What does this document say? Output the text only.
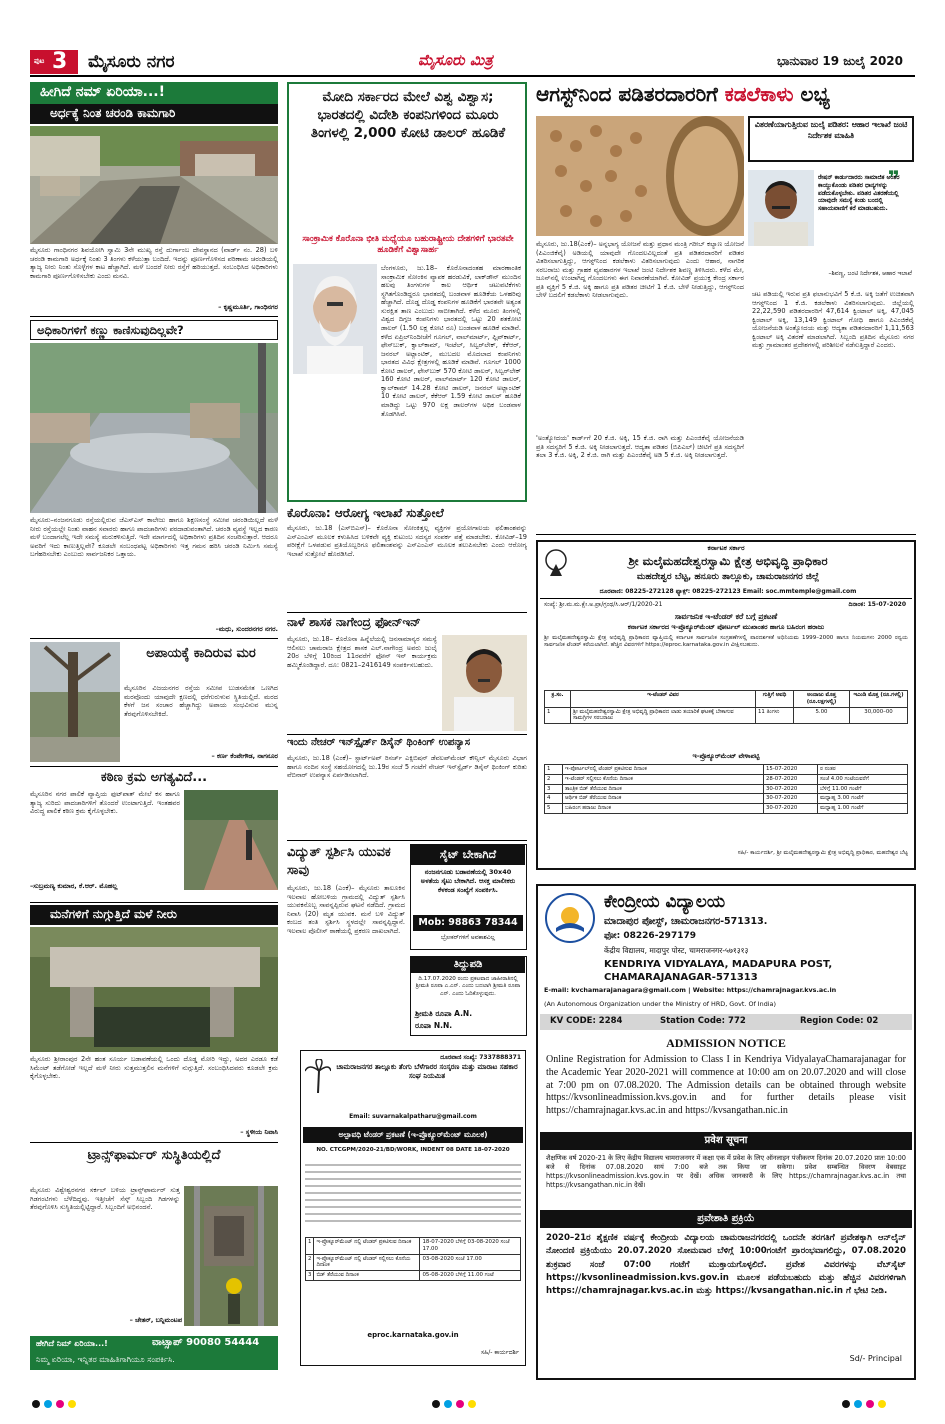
ಪುಟ 3 ಮೈಸೂರು ನಗರ	ಮೈಸೂರು ಮಿತ್ರ	ಭಾನುವಾರ 19 ಜುಲೈ 2020
ಹೀಗಿದೆ ನಮ್ ಏರಿಯಾ...!
ಅರ್ಧಕ್ಕೆ ನಿಂತ ಚರಂಡಿ ಕಾಮಗಾರಿ
ಮೈಸೂರು ಗಾಂಧಿನಗರ ಶಿವಯೋಗಿ ಸ್ವಾಮಿ 3ನೇ ಮುಖ್ಯ ರಸ್ತೆ ದುರ್ಗಾಂಬ ದೇವಸ್ಥಾನದ (ವಾರ್ಡ್ ನಂ. 28) ಬಳಿ ಚರಂಡಿ ಕಾಮಗಾರಿ ಅರ್ಧಕ್ಕೆ ನಿಂತು 3 ತಿಂಗಳು ಕಳೆಯುತ್ತಾ ಬಂದಿದೆ. ಇದನ್ನು ಪೂರ್ಣಗೊಳಿಸದ ಪರಿಣಾಮ ಚರಂಡಿಯಲ್ಲಿ ತ್ಯಾಜ್ಯ ನೀರು ನಿಂತು ಸೊಳ್ಳೆಗಳ ಕಾಟ ಹೆಚ್ಚಾಗಿದೆ. ಮಳೆ ಬಂದರೆ ನೀರು ರಸ್ತೆಗೆ ಹರಿಯುತ್ತದೆ. ಸಂಬಂಧಿಸಿದ ಅಧಿಕಾರಿಗಳು ಕಾಮಗಾರಿ ಪೂರ್ಣಗೊಳಿಸಬೇಕು ಎಂದು ಮನವಿ.
– ಕೃಷ್ಣಮೂರ್ತಿ, ಗಾಂಧಿನಗರ
ಅಧಿಕಾರಿಗಳಿಗೆ ಕಣ್ಣು ಕಾಣಿಸುವುದಿಲ್ಲವೇ?
ಮೈಸೂರು–ನಂಜನಗೂಡು ರಸ್ತೆಯಲ್ಲಿರುವ ಜೆಎಸ್‌ಎಸ್ ಕಾಲೇಜು ಹಾಗೂ ಶಿಕ್ಷಣಸಂಸ್ಥೆ ಸಮೀಪ ಚರಂಡಿಯಿಲ್ಲದೆ ಮಳೆ ನೀರು ರಸ್ತೆಯಲ್ಲೇ ನಿಂತು ವಾಹನ ಸವಾರರು ಹಾಗೂ ಪಾದಚಾರಿಗಳು ಪರದಾಡುವಂತಾಗಿದೆ. ಚರಂಡಿ ವ್ಯವಸ್ಥೆ ಇಲ್ಲದ ಕಾರಣ ಮಳೆ ಬಂದಾಗಲೆಲ್ಲ ಇದೇ ಸಮಸ್ಯೆ ಮರುಕಳಿಸುತ್ತಿದೆ. ಇದೇ ಮಾರ್ಗದಲ್ಲಿ ಅಧಿಕಾರಿಗಳು ಪ್ರತಿದಿನ ಸಂಚರಿಸುತ್ತಾರೆ. ಆದರೂ ಅವರಿಗೆ ಇದು ಕಾಣುತ್ತಿಲ್ಲವೇ? ಕೂಡಲೇ ಸಂಬಂಧಪಟ್ಟ ಅಧಿಕಾರಿಗಳು ಇತ್ತ ಗಮನ ಹರಿಸಿ ಚರಂಡಿ ನಿರ್ಮಿಸಿ ಸಮಸ್ಯೆ ಬಗೆಹರಿಸಬೇಕು ಎಂಬುದು ಸಾರ್ವಜನಿಕರ ಒತ್ತಾಯ.
–ಮಧು, ಸುಂದರನಗರ ನಗರ.
ಅಪಾಯಕ್ಕೆ ಕಾದಿರುವ ಮರ
ಮೈಸೂರಿನ ವಿಜಯನಗರ ರಸ್ತೆಯ ಸಮೀಪ ಬುಡಸಮೇತ ಒಣಗಿದ ಮರವೊಂದು ಯಾವುದೇ ಕ್ಷಣದಲ್ಲಿ ಧರೆಗುರುಳುವ ಸ್ಥಿತಿಯಲ್ಲಿದೆ. ಮರದ ಕೆಳಗೆ ಜನ ಸಂಚಾರ ಹೆಚ್ಚಾಗಿದ್ದು ಅಪಾಯ ಸಂಭವಿಸುವ ಮುನ್ನ ತೆರವುಗೊಳಿಸಬೇಕಿದೆ.
– ಕರ್ಣ ಕೆಂಪೇಗೌಡ, ನಾಗನೂರ
ಕಠಿಣ ಕ್ರಮ ಅಗತ್ಯವಿದೆ...
ಮೈಸೂರಿನ ನಗರ ಪಾಲಿಕೆ ವ್ಯಾಪ್ತಿಯ ಫುಟ್‌ಪಾತ್ ಮೇಲೆ ಕಸ ಹಾಗೂ ತ್ಯಾಜ್ಯ ಸುರಿದು ಪಾದಚಾರಿಗಳಿಗೆ ತೊಂದರೆ ಉಂಟಾಗುತ್ತಿದೆ. ಇಂತಹವರ ವಿರುದ್ಧ ಪಾಲಿಕೆ ಕಠಿಣ ಕ್ರಮ ಕೈಗೊಳ್ಳಬೇಕು.
–ಸುಬ್ರಮಣ್ಯ ಕುಮಾರ, ಕೆ.ಆರ್. ಮೊಹಲ್ಲ
ಮನೆಗಳಿಗೆ ನುಗ್ಗುತ್ತಿದೆ ಮಳೆ ನೀರು
ಮೈಸೂರು ಶ್ರೀರಾಂಪುರ 2ನೇ ಹಂತ ಸೂರ್ಯ ಬಡಾವಣೆಯಲ್ಲಿ ಒಂದು ದೊಡ್ಡ ಮೋರಿ ಇದ್ದು, ಅದರ ಎರಡೂ ಕಡೆ ಸಿಮೆಂಟ್ ತಡೆಗೋಡೆ ಇಲ್ಲದೆ ಮಳೆ ನೀರು ಸುತ್ತಮುತ್ತಲಿನ ಮನೆಗಳಿಗೆ ನುಗ್ಗುತ್ತಿದೆ. ಸಂಬಂಧಿಸಿದವರು ಕೂಡಲೇ ಕ್ರಮ ಕೈಗೊಳ್ಳಬೇಕು.
– ಸ್ಥಳೀಯ ನಿವಾಸಿ
ಟ್ರಾನ್ಸ್‌ಫಾರ್ಮರ್ ಸುಸ್ಥಿತಿಯಲ್ಲಿದೆ
ಮೈಸೂರು ವಿಶ್ವೇಶ್ವರನಗರ ಸರ್ಕಲ್ ಬಳಿಯ ಟ್ರಾನ್ಸ್‌ಫಾರ್ಮರ್ ಸುತ್ತ ಗಿಡಗಂಟಿಗಳು ಬೆಳೆದಿದ್ದವು. ಇತ್ತೀಚೆಗೆ ಸೆಸ್ಕ್ ಸಿಬ್ಬಂದಿ ಗಿಡಗಳನ್ನು ತೆರವುಗೊಳಿಸಿ ಸುಸ್ಥಿತಿಯಲ್ಲಿಟ್ಟಿದ್ದಾರೆ. ಸಿಬ್ಬಂದಿಗೆ ಅಭಿನಂದನೆ.
– ಚೇತನ್, ಬನ್ನಿಮಂಟಪ
ಹೇಗಿದೆ ನಿಮ್ ಏರಿಯಾ...!	ವಾಟ್ಸಾಪ್ 90080 54444
ನಿಮ್ಮ ಏರಿಯಾ, ಇನ್ನಿತರ ಮಾಹಿತಿಗಾಗಿಯೂ ಸಂಪರ್ಕಿಸಿ.
ಮೋದಿ ಸರ್ಕಾರದ ಮೇಲೆ ವಿಶ್ವ ವಿಶ್ವಾಸ; ಭಾರತದಲ್ಲಿ ವಿದೇಶಿ ಕಂಪನಿಗಳಿಂದ ಮೂರು ತಿಂಗಳಲ್ಲಿ 2,000 ಕೋಟಿ ಡಾಲರ್ ಹೂಡಿಕೆ
ಸಾಂಕ್ರಾಮಿಕ ಕೊರೊನಾ ಭೀತಿ ಮಧ್ಯೆಯೂ ಬಹುರಾಷ್ಟ್ರೀಯ ದೇಶಗಳಿಗೆ ಭಾರತವೇ ಹೂಡಿಕೆಗೆ ವಿಶ್ವಾಸಾರ್ಹ
ಬೆಂಗಳೂರು, ಜು.18– ಕೊರೊನಾದಂತಹ ಮಾರಣಾಂತಿಕ ಸಾಂಕ್ರಾಮಿಕ ಸೋಂಕಿನ ವ್ಯಾಪಕ ಹರಡುವಿಕೆ, ಲಾಕ್‌ಡೌನ್ ಮುಂದಿನ ಹಲವು ತಿಂಗಳುಗಳ ಕಾಲ ಆರ್ಥಿಕ ಚಟುವಟಿಕೆಗಳು ಸ್ಥಗಿತಗೊಂಡಿದ್ದರೂ ಭಾರತದಲ್ಲಿ ಬಂಡವಾಳ ಹೂಡಿಕೆಯ ಒಳಹರಿವು ಹೆಚ್ಚಾಗಿದೆ. ದೊಡ್ಡ ದೊಡ್ಡ ಕಂಪನಿಗಳ ಹೂಡಿಕೆಗೆ ಭಾರತವೇ ಅತ್ಯಂತ ಸುರಕ್ಷಿತ ತಾಣ ಎಂಬುದು ಸಾಬೀತಾಗಿದೆ. ಕಳೆದ ಮೂರು ತಿಂಗಳಲ್ಲಿ ವಿಶ್ವದ ದಿಗ್ಗಜ ಕಂಪನಿಗಳು ಭಾರತದಲ್ಲಿ ಒಟ್ಟು 20 ಶತಕೋಟಿ ಡಾಲರ್ (1.50 ಲಕ್ಷ ಕೋಟಿ ರೂ) ಬಂಡವಾಳ ಹೂಡಿಕೆ ಮಾಡಿವೆ. ಕಳೆದ ಏಪ್ರಿಲ್‌ನಿಂದೀಚೆಗೆ ಗೂಗಲ್, ವಾಲ್‌ಮಾರ್ಟ್, ಫ್ಲಿಪ್‌ಕಾರ್ಟ್, ಫೇಸ್‌ಬುಕ್, ಕ್ವಾಲ್‌ಕಾಮ್, ಇಂಟೆಲ್, ಸಿಲ್ವರ್‌ಲೇಕ್, ಕೆಕೆಆರ್, ಜನರಲ್ ಅಟ್ಲಾಂಟಿಕ್, ಮುಬದಲ ಮೊದಲಾದ ಕಂಪನಿಗಳು ಭಾರತದ ವಿವಿಧ ಕ್ಷೇತ್ರಗಳಲ್ಲಿ ಹೂಡಿಕೆ ಮಾಡಿವೆ. ಗೂಗಲ್ 1000 ಕೋಟಿ ಡಾಲರ್, ಫೇಸ್‌ಬುಕ್ 570 ಕೋಟಿ ಡಾಲರ್, ಸಿಲ್ವರ್‌ಲೇಕ್ 160 ಕೋಟಿ ಡಾಲರ್, ವಾಲ್‌ಮಾರ್ಟ್ 120 ಕೋಟಿ ಡಾಲರ್, ಕ್ವಾಲ್‌ಕಾಮ್ 14.28 ಕೋಟಿ ಡಾಲರ್, ಜನರಲ್ ಅಟ್ಲಾಂಟಿಕ್ 10 ಕೋಟಿ ಡಾಲರ್, ಕೆಕೆಆರ್ 1.59 ಕೋಟಿ ಡಾಲರ್ ಹೂಡಿಕೆ ಮಾಡಿದ್ದು ಒಟ್ಟು 970 ಲಕ್ಷ ಡಾಲರ್‌ಗಳ ಅಧಿಕ ಬಂಡವಾಳ ತೊಡಗಿಸಿವೆ.
ಕೊರೊನಾ: ಆರೋಗ್ಯ ಇಲಾಖೆ ಸುತ್ತೋಲೆ
ಮೈಸೂರು, ಜು.18 (ಎಸ್‌ಬಿಎಸ್)– ಕೊರೊನಾ ಸೋಂಕಿತ್ತಲ್ಲ ವ್ಯಕ್ತಿಗಳ ಪ್ರಯೋಗಾಲಯ ಫಲಿತಾಂಶವನ್ನು ಎಸ್‌ಎಂಎಸ್ ಮೂಲಕ ಕಳುಹಿಸಿದ ಬಳಿಕವೇ ವ್ಯಕ್ತಿ ಕುಟುಂಬ ಸದಸ್ಯರ ಸಂಪರ್ಕ ಪತ್ತೆ ಮಾಡಬೇಕು. ಕೋವಿಡ್–19 ಪರೀಕ್ಷೆಗೆ ಒಳಪಡುವ ಪ್ರತಿಯೊಬ್ಬರಿಗೂ ಫಲಿತಾಂಶವನ್ನು ಎಸ್‌ಎಂಎಸ್ ಮೂಲಕ ತಲುಪಿಸಬೇಕು ಎಂದು ಆರೋಗ್ಯ ಇಲಾಖೆ ಸುತ್ತೋಲೆ ಹೊರಡಿಸಿದೆ.
ನಾಳೆ ಶಾಸಕ ನಾಗೇಂದ್ರ ಫೋನ್‌ಇನ್
ಮೈಸೂರು, ಜು.18– ಕೊರೊನಾ ಹಿನ್ನೆಲೆಯಲ್ಲಿ ಜನಸಾಮಾನ್ಯರ ಸಮಸ್ಯೆ ಆಲಿಸಲು ಚಾಮರಾಜ ಕ್ಷೇತ್ರದ ಶಾಸಕ ಎಲ್.ನಾಗೇಂದ್ರ ಅವರು ಜುಲೈ 20ರ ಬೆಳಿಗ್ಗೆ 10ರಿಂದ 11ರವರೆಗೆ ಫೋನ್ ಇನ್ ಕಾರ್ಯಕ್ರಮ ಹಮ್ಮಿಕೊಂಡಿದ್ದಾರೆ. ದೂ: 0821–2416149 ಸಂಪರ್ಕಿಸಬಹುದು.
ಇಂದು ನೇಚರ್ ಇನ್‌ಸ್ಪೈರ್ಡ್ ಡಿಸೈನ್ ಥಿಂಕಿಂಗ್ ಉಪನ್ಯಾಸ
ಮೈಸೂರು, ಜು.18 (ಎಂಕೆ)– ಸ್ಟಾರ್ಟ್‌ಅಪ್ ರಿಸರ್ಚ್ ಎಕ್ಸಿಬಿಷನ್ ಡೆವಲಪ್‌ಮೆಂಟ್ ಕೌನ್ಸಿಲ್ ಮೈಸೂರು ವಿಭಾಗ ಹಾಗೂ ನಂದಿನ ಸಂಸ್ಥೆ ಸಹಯೋಗದಲ್ಲಿ ಜು.19ರ ಸಂಜೆ 5 ಗಂಟೆಗೆ ನೇಚರ್ ಇನ್‌ಸ್ಪೈರ್ಡ್ ಡಿಸೈನ್ ಥಿಂಕಿಂಗ್ ಕುರಿತು ವೆಬಿನಾರ್ ಉಪನ್ಯಾಸ ಏರ್ಪಡಿಸಲಾಗಿದೆ.
ವಿದ್ಯುತ್ ಸ್ಪರ್ಶಿಸಿ ಯುವಕ ಸಾವು
ಮೈಸೂರು, ಜು.18 (ಎಂಕೆ)– ಮೈಸೂರು ತಾಲೂಕಿನ ಇಲವಾಲ ಹೋಬಳಿಯ ಗ್ರಾಮದಲ್ಲಿ ವಿದ್ಯುತ್ ಸ್ಪರ್ಶಿಸಿ ಯುವಕನೊಬ್ಬ ಸಾವನ್ನಪ್ಪಿರುವ ಘಟನೆ ನಡೆದಿದೆ. ಗ್ರಾಮದ ನಿವಾಸಿ (20) ಮೃತ ಯುವಕ. ಮನೆ ಬಳಿ ವಿದ್ಯುತ್ ಕಂಬದ ತಂತಿ ಸ್ಪರ್ಶಿಸಿ ಸ್ಥಳದಲ್ಲೇ ಸಾವನ್ನಪ್ಪಿದ್ದಾನೆ. ಇಲವಾಲ ಪೊಲೀಸ್ ಠಾಣೆಯಲ್ಲಿ ಪ್ರಕರಣ ದಾಖಲಾಗಿದೆ.
ಸೈಟ್ ಬೇಕಾಗಿದೆ
ನಂಜನಗೂಡು ಬಡಾವಣೆಯಲ್ಲಿ 30x40 ಅಳತೆಯ ಸೈಟು ಬೇಕಾಗಿದೆ. ಆಸಕ್ತ ಮಾಲೀಕರು ಕೆಳಕಂಡ ಸಂಖ್ಯೆಗೆ ಸಂಪರ್ಕಿಸಿ.
Mob: 98863 78344
ಬ್ರೋಕರ್‌ಗಳಿಗೆ ಅವಕಾಶವಿಲ್ಲ
ತಿದ್ದುಪಡಿ
ದಿ.17.07.2020 ರಂದು ಪ್ರಕಟವಾದ ಜಾಹೀರಾತಿನಲ್ಲಿ ಶ್ರೀಮತಿ ರೂಪಾ ಎ.ಎನ್. ಎಂದು ಬದಲಾಗಿ ಶ್ರೀಮತಿ ರೂಪಾ ಎನ್. ಎಂದು ಓದಿಕೊಳ್ಳುವುದು.
ಶ್ರೀಮತಿ ರೂಪಾ A.N.
ರೂಪಾ N.N.
ದೂರವಾಣಿ ಸಂಖ್ಯೆ: 7337888371
ಚಾಮರಾಜನಗರ ತಾಲ್ಲೂಕು ತೆಂಗು ಬೆಳೆಗಾರರ ಸಂಸ್ಕರಣ ಮತ್ತು ಮಾರಾಟ ಸಹಕಾರ ಸಂಘ ನಿಯಮಿತ
Email: suvarnakalpatharu@gmail.com
ಅಲ್ಪಾವಧಿ ಟೆಂಡರ್ ಪ್ರಕಟಣೆ (ಇ-ಪ್ರೊಕ್ಯೂರ್‌ಮೆಂಟ್ ಮೂಲಕ)
NO. CTCGPM/2020-21/BD/WORK, INDENT 08 DATE 18-07-2020
1	ಇ-ಪ್ರೊಕ್ಯೂರ್‌ಮೆಂಟ್ ನಲ್ಲಿ ಟೆಂಡರ್ ಪ್ರಕಟಿಸುವ ದಿನಾಂಕ	18-07-2020 ಬೆಳಿಗ್ಗೆ 03-08-2020 ಸಂಜೆ 17.00
2	ಇ-ಪ್ರೊಕ್ಯೂರ್‌ಮೆಂಟ್ ನಲ್ಲಿ ಟೆಂಡರ್ ಸಲ್ಲಿಸಲು ಕೊನೆಯ ದಿನಾಂಕ	03-08-2020 ಸಂಜೆ 17.00
3	ಬಿಡ್ ತೆರೆಯುವ ದಿನಾಂಕ	05-08-2020 ಬೆಳಿಗ್ಗೆ 11.00 ಗಂಟೆ
eproc.karnataka.gov.in
ಸಹಿ/- ಕಾರ್ಯದರ್ಶಿ
ಆಗಸ್ಟ್‌ನಿಂದ ಪಡಿತರದಾರರಿಗೆ ಕಡಲೆಕಾಳು ಲಭ್ಯ
ವಿತರಣೆಯಾಗುತ್ತಿರುವ ಜುಲೈ ಪಡಿತರ: ಆಹಾರ ಇಲಾಖೆ ಜಂಟಿ ನಿರ್ದೇಶಕ ಮಾಹಿತಿ
❞
ರೇಷನ್ ಕಾರ್ಡುದಾರರು ಸಾಮಾಜಿಕ ಅಂತರ ಕಾಯ್ದುಕೊಂಡು ಪಡಿತರ ಧಾನ್ಯಗಳನ್ನು ಪಡೆದುಕೊಳ್ಳಬೇಕು. ಪಡಿತರ ವಿತರಣೆಯಲ್ಲಿ ಯಾವುದೇ ಸಮಸ್ಯೆ ಕಂಡು ಬಂದಲ್ಲಿ ಸಹಾಯವಾಣಿಗೆ ಕರೆ ಮಾಡಬಹುದು.
–ಶಿವಣ್ಣ, ಜಂಟಿ ನಿರ್ದೇಶಕ, ಆಹಾರ ಇಲಾಖೆ
ಮೈಸೂರು, ಜು.18(ಎಂಕೆ)– ಅನ್ನಭಾಗ್ಯ ಯೋಜನೆ ಮತ್ತು ಪ್ರಧಾನ ಮಂತ್ರಿ ಗರೀಬ್ ಕಲ್ಯಾಣ ಯೋಜನೆ (ಪಿಎಂಜಿಕೆವೈ) ಅಡಿಯಲ್ಲಿ ಯಾವುದೇ ಗೊಂದಲವಿಲ್ಲದಂತೆ ಪ್ರತಿ ಪಡಿತರದಾರರಿಗೆ ಪಡಿತರ ವಿತರಿಸಲಾಗುತ್ತಿದ್ದು, ಆಗಸ್ಟ್‌ನಿಂದ ಕಡಲೆಕಾಳು ವಿತರಿಸಲಾಗುವುದು ಎಂದು ಆಹಾರ, ನಾಗರಿಕ ಸರಬರಾಜು ಮತ್ತು ಗ್ರಾಹಕ ವ್ಯವಹಾರಗಳ ಇಲಾಖೆ ಜಂಟಿ ನಿರ್ದೇಶಕ ಶಿವಣ್ಣ ತಿಳಿಸಿದರು. ಕಳೆದ ಮೇ, ಜೂನ್‌ನಲ್ಲಿ ಉಂಟಾಗಿದ್ದ ಗೊಂದಲಗಳು ಈಗ ನಿವಾರಣೆಯಾಗಿವೆ. ಕೋವಿಡ್ ಪ್ರಯುಕ್ತ ಕೇಂದ್ರ ಸರ್ಕಾರ ಪ್ರತಿ ವ್ಯಕ್ತಿಗೆ 5 ಕೆ.ಜಿ. ಅಕ್ಕಿ ಹಾಗೂ ಪ್ರತಿ ಪಡಿತರ ಚೀಟಿಗೆ 1 ಕೆ.ಜಿ. ಬೇಳೆ ನೀಡುತ್ತಿದ್ದು, ಆಗಸ್ಟ್‌ನಿಂದ ಬೇಳೆ ಬದಲಿಗೆ ಕಡಲೆಕಾಳು ನೀಡಲಾಗುವುದು.
'ಅಂತ್ಯೋದಯ' ಕಾರ್ಡ್‌ಗೆ 20 ಕೆ.ಜಿ. ಅಕ್ಕಿ, 15 ಕೆ.ಜಿ. ರಾಗಿ ಮತ್ತು ಪಿಎಂಜಿಕೆವೈ ಯೋಜನೆಯಡಿ ಪ್ರತಿ ಸದಸ್ಯರಿಗೆ 5 ಕೆ.ಜಿ. ಅಕ್ಕಿ ನೀಡಲಾಗುತ್ತದೆ. ಆದ್ಯತಾ ಪಡಿತರ (ಬಿಪಿಎಲ್) ಚೀಟಿಗೆ ಪ್ರತಿ ಸದಸ್ಯರಿಗೆ ತಲಾ 3 ಕೆ.ಜಿ. ಅಕ್ಕಿ, 2 ಕೆ.ಜಿ. ರಾಗಿ ಮತ್ತು ಪಿಎಂಜಿಕೆವೈ ಅಡಿ 5 ಕೆ.ಜಿ. ಅಕ್ಕಿ ನೀಡಲಾಗುತ್ತದೆ.
ಚಟ ಪಡಿಯಲ್ಲಿ ಇರುವ ಪ್ರತಿ ಫಲಾನುಭವಿಗೆ 5 ಕೆ.ಜಿ. ಅಕ್ಕಿ ಜತೆಗೆ ಉಚಿತವಾಗಿ ಆಗಸ್ಟ್‌ನಿಂದ 1 ಕೆ.ಜಿ. ಕಡಲೆಕಾಳು ವಿತರಿಸಲಾಗುವುದು. ಜಿಲ್ಲೆಯಲ್ಲಿ 22,22,590 ಪಡಿತರದಾರರಿಗೆ 47,614 ಕ್ವಿಂಟಾಲ್ ಅಕ್ಕಿ, 47,045 ಕ್ವಿಂಟಾಲ್ ಅಕ್ಕಿ, 13,149 ಕ್ವಿಂಟಾಲ್ ಗೋಧಿ ಹಾಗೂ ಪಿಎಂಜಿಕೆವೈ ಯೋಜನೆಯಡಿ ಅಂತ್ಯೋದಯ ಮತ್ತು ಆದ್ಯತಾ ಪಡಿತರದಾರರಿಗೆ 1,11,563 ಕ್ವಿಂಟಾಲ್ ಅಕ್ಕಿ ವಿತರಣೆ ಮಾಡಲಾಗಿದೆ. ಸಿಬ್ಬಂದಿ ಪ್ರತಿದಿನ ಮೈಸೂರು ನಗರ ಮತ್ತು ಗ್ರಾಮಾಂತರ ಪ್ರದೇಶಗಳಲ್ಲಿ ಪರಿಶೀಲನೆ ನಡೆಸುತ್ತಿದ್ದಾರೆ ಎಂದರು.
ಕರ್ನಾಟಕ ಸರ್ಕಾರ
ಶ್ರೀ ಮಲೈಮಹದೇಶ್ವರಸ್ವಾಮಿ ಕ್ಷೇತ್ರ ಅಭಿವೃದ್ಧಿ ಪ್ರಾಧಿಕಾರ
ಮಹದೇಶ್ವರ ಬೆಟ್ಟ, ಹನೂರು ತಾಲ್ಲೂಕು, ಚಾಮರಾಜನಗರ ಜಿಲ್ಲೆ
ದೂರವಾಣಿ: 08225-272128 ಫ್ಯಾಕ್ಸ್: 08225-272123 Email: soc.mmtemple@gmail.com
ಸಂಖ್ಯೆ: ಶ್ರೀ.ಮ.ಮ.ಕ್ಷೇ.ಅ.ಪ್ರಾ/ಗ್ರಂಥ/ಸಿ.ಆರ್/1/2020-21	ದಿನಾಂಕ: 15-07-2020
ಸಾರ್ವಜನಿಕ ಇ-ಟೆಂಡರ್ ಕರೆ ಬಗ್ಗೆ ಪ್ರಕಟಣೆ
ಕರ್ನಾಟಕ ಸರ್ಕಾರದ ಇ-ಪ್ರೊಕ್ಯೂರ್‌ಮೆಂಟ್ ಪೋರ್ಟಲ್ ಮುಖಾಂತರ ಹಾಗೂ ಬಹಿರಂಗ ಹರಾಜು
ಶ್ರೀ ಮಲೈಮಹದೇಶ್ವರಸ್ವಾಮಿ ಕ್ಷೇತ್ರ ಅಭಿವೃದ್ಧಿ ಪ್ರಾಧಿಕಾರದ ವ್ಯಾಪ್ತಿಯಲ್ಲಿ ಕರ್ನಾಟಕ ಸಾರ್ವಜನಿಕ ಸಂಗ್ರಹಣೆಗಳಲ್ಲಿ ಪಾರದರ್ಶಕತೆ ಅಧಿನಿಯಮ 1999–2000 ಹಾಗೂ ನಿಯಮಗಳು 2000 ರನ್ವಯ ಸಾರ್ವಜನಿಕ ಟೆಂಡರ್ ಕರೆಯಲಾಗಿದೆ. ಹೆಚ್ಚಿನ ವಿವರಗಳಿಗೆ https://eproc.karnataka.gov.in ವೀಕ್ಷಿಸಬಹುದು.
ಕ್ರ.ಸಂ.	ಇ-ಟೆಂಡರ್ ವಿವರ	ಗುತ್ತಿಗೆ ಅವಧಿ	ಅಂದಾಜು ಮೊತ್ತ (ರೂ.ಲಕ್ಷಗಳಲ್ಲಿ)	ಇಎಂಡಿ ಮೊತ್ತ (ರೂ.ಗಳಲ್ಲಿ)
1	ಶ್ರೀ ಮಲೈಮಹದೇಶ್ವರಸ್ವಾಮಿ ಕ್ಷೇತ್ರ ಅಭಿವೃದ್ಧಿ ಪ್ರಾಧಿಕಾರದ ಲಾಡು ತಯಾರಿಕೆ ಘಟಕಕ್ಕೆ ಬೇಕಾಗುವ ಸಾಮಗ್ರಿಗಳ ಸರಬರಾಜು	11 ತಿಂಗಳು	5.00	30,000–00
ಇ-ಪ್ರೊಕ್ಯೂರ್‌ಮೆಂಟ್ ವೇಳಾಪಟ್ಟಿ
1	ಇ-ಪೋರ್ಟಲ್‌ನಲ್ಲಿ ಟೆಂಡರ್ ಪ್ರಕಟಿಸುವ ದಿನಾಂಕ	15-07-2020	ರ ನಂತರ
2	ಇ-ಟೆಂಡರ್ ಸಲ್ಲಿಸಲು ಕೊನೆಯ ದಿನಾಂಕ	28-07-2020	ಸಂಜೆ 4.00 ಗಂಟೆಯವರೆಗೆ
3	ತಾಂತ್ರಿಕ ಬಿಡ್ ತೆರೆಯುವ ದಿನಾಂಕ	30-07-2020	ಬೆಳಿಗ್ಗೆ 11.00 ಗಂಟೆಗೆ
4	ಆರ್ಥಿಕ ಬಿಡ್ ತೆರೆಯುವ ದಿನಾಂಕ	30-07-2020	ಮಧ್ಯಾಹ್ನ 3.00 ಗಂಟೆಗೆ
5	ಬಹಿರಂಗ ಹರಾಜು ದಿನಾಂಕ	30-07-2020	ಮಧ್ಯಾಹ್ನ 1.00 ಗಂಟೆಗೆ
ಸಹಿ/- ಕಾರ್ಯದರ್ಶಿ, ಶ್ರೀ ಮಲೈಮಹದೇಶ್ವರಸ್ವಾಮಿ ಕ್ಷೇತ್ರ ಅಭಿವೃದ್ಧಿ ಪ್ರಾಧಿಕಾರ, ಮಹದೇಶ್ವರ ಬೆಟ್ಟ
ಕೇಂದ್ರೀಯ ವಿದ್ಯಾಲಯ
ಮಾದಾಪುರ ಪೋಸ್ಟ್, ಚಾಮರಾಜನಗರ-571313.
ಫೋ: 08226-297179
केंद्रीय विद्यालय, मादापुर पोस्ट, चामराजनगर-५७१३१३
KENDRIYA VIDYALAYA, MADAPURA POST, CHAMARAJANAGAR-571313
E-mail: kvchamarajanagara@gmail.com | Website: https://chamrajnagar.kvs.ac.in
(An Autonomous Organization under the Ministry of HRD, Govt. Of India)
KV CODE: 2284	Station Code: 772	Region Code: 02
ADMISSION NOTICE
Online Registration for Admission to Class I in Kendriya VidyalayaChamarajanagar for the Academic Year 2020-2021 will commence at 10:00 am on 20.07.2020 and will close at 7:00 pm on 07.08.2020. The Admission details can be obtained through website https://kvsonlineadmission.kvs.gov.in and for further details please visit https://chamrajnagar.kvs.ac.in and https://kvsangathan.nic.in
प्रवेश सूचना
शैक्षणिक वर्ष 2020-21 के लिए केंद्रीय विद्यालय चामराजनगर में कक्षा एक में प्रवेश के लिए ऑनलाइन पंजीकरण दिनांक 20.07.2020 प्रातः 10:00 बजे से दिनांक 07.08.2020 सायं 7:00 बजे तक किया जा सकेगा। प्रवेश सम्बन्धित विवरण वेबसाइट https://kvsonlineadmission.kvs.gov.in पर देखें। अधिक जानकारी के लिए https://chamrajnagar.kvs.ac.in तथा https://kvsangathan.nic.in देखें।
ಪ್ರವೇಶಾತಿ ಪ್ರಕ್ರಿಯೆ
2020–21ರ ಶೈಕ್ಷಣಿಕ ವರ್ಷಕ್ಕೆ ಕೇಂದ್ರೀಯ ವಿದ್ಯಾಲಯ ಚಾಮರಾಜನಗರದಲ್ಲಿ ಒಂದನೇ ತರಗತಿಗೆ ಪ್ರವೇಶಕ್ಕಾಗಿ ಆನ್‌ಲೈನ್ ನೋಂದಣಿ ಪ್ರಕ್ರಿಯೆಯು 20.07.2020 ಸೋಮವಾರ ಬೆಳಿಗ್ಗೆ 10:00ಗಂಟೆಗೆ ಪ್ರಾರಂಭವಾಗಲಿದ್ದು, 07.08.2020 ಶುಕ್ರವಾರ ಸಂಜೆ 07:00 ಗಂಟೆಗೆ ಮುಕ್ತಾಯಗೊಳ್ಳಲಿದೆ. ಪ್ರವೇಶ ವಿವರಗಳನ್ನು ವೆಬ್‌ಸೈಟ್ https://kvsonlineadmission.kvs.gov.in ಮೂಲಕ ಪಡೆಯಬಹುದು ಮತ್ತು ಹೆಚ್ಚಿನ ವಿವರಗಳಿಗಾಗಿ https://chamrajnagar.kvs.ac.in ಮತ್ತು https://kvsangathan.nic.in ಗೆ ಭೇಟಿ ನೀಡಿ.
Sd/- Principal
